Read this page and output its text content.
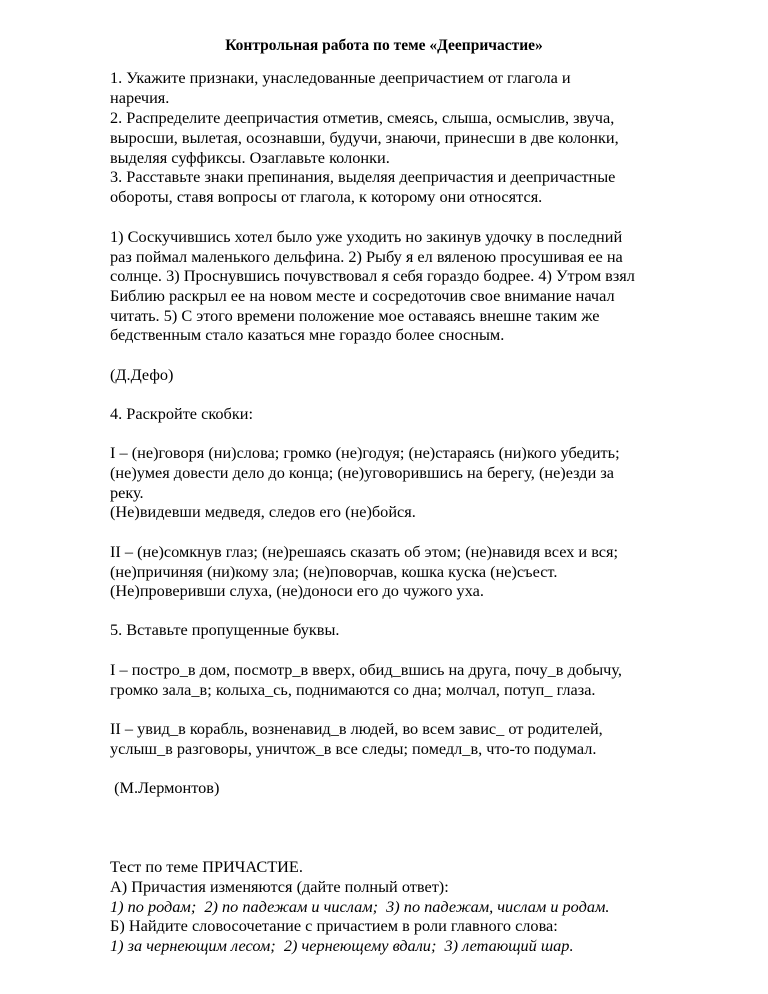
Контрольная работа по теме «Деепричастие»
1. Укажите признаки, унаследованные деепричастием от глагола и
наречия.
2. Распределите деепричастия отметив, смеясь, слыша, осмыслив, звуча,
выросши, вылетая, осознавши, будучи, знаючи, принесши в две колонки,
выделяя суффиксы. Озаглавьте колонки.
3. Расставьте знаки препинания, выделяя деепричастия и деепричастные
обороты, ставя вопросы от глагола, к которому они относятся.
1) Соскучившись хотел было уже уходить но закинув удочку в последний
раз поймал маленького дельфина. 2) Рыбу я ел вяленою просушивая ее на
солнце. 3) Проснувшись почувствовал я себя гораздо бодрее. 4) Утром взял
Библию раскрыл ее на новом месте и сосредоточив свое внимание начал
читать. 5) С этого времени положение мое оставаясь внешне таким же
бедственным стало казаться мне гораздо более сносным.
(Д.Дефо)
4. Раскройте скобки:
I – (не)говоря (ни)слова; громко (не)годуя; (не)стараясь (ни)кого убедить;
(не)умея довести дело до конца; (не)уговорившись на берегу, (не)езди за
реку.
(Не)видевши медведя, следов его (не)бойся.
II – (не)сомкнув глаз; (не)решаясь сказать об этом; (не)навидя всех и вся;
(не)причиняя (ни)кому зла; (не)поворчав, кошка куска (не)съест.
(Не)проверивши слуха, (не)доноси его до чужого уха.
5. Вставьте пропущенные буквы.
I – постро_в дом, посмотр_в вверх, обид_вшись на друга, почу_в добычу,
громко зала_в; колыха_сь, поднимаются со дна; молчал, потуп_ глаза.
II – увид_в корабль, возненавид_в людей, во всем завис_ от родителей,
услыш_в разговоры, уничтож_в все следы; помедл_в, что-то подумал.
(М.Лермонтов)
Тест по теме ПРИЧАСТИЕ.
А) Причастия изменяются (дайте полный ответ):
1) по родам;  2) по падежам и числам;  3) по падежам, числам и родам.
Б) Найдите словосочетание с причастием в роли главного слова:
1) за чернеющим лесом;  2) чернеющему вдали;  3) летающий шар.
